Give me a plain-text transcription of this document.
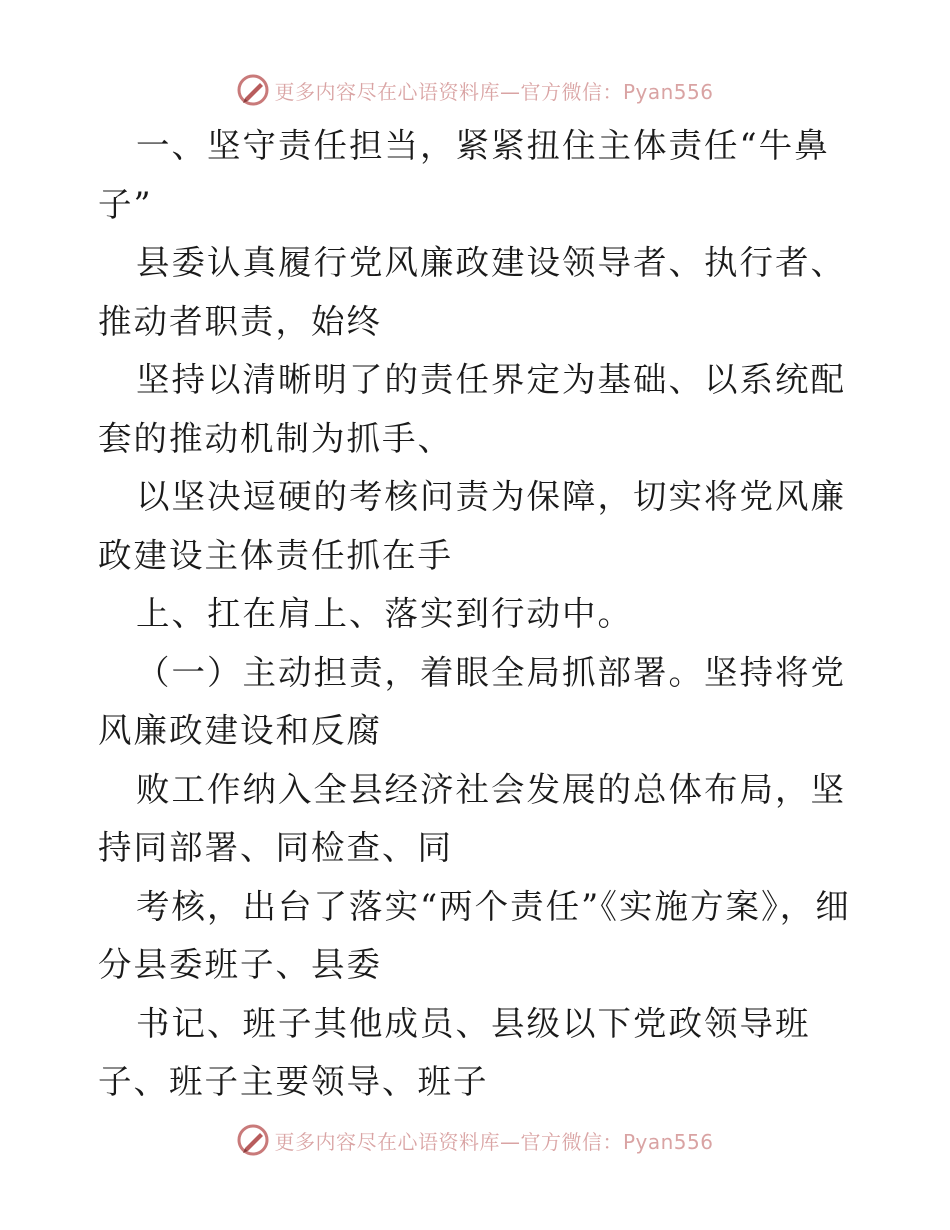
更多内容尽在心语资料库—官方微信：Pyan556

一、坚守责任担当，紧紧扭住主体责任“牛鼻子”

县委认真履行党风廉政建设领导者、执行者、推动者职责，始终

坚持以清晰明了的责任界定为基础、以系统配套的推动机制为抓手、

以坚决逗硬的考核问责为保障，切实将党风廉政建设主体责任抓在手

上、扛在肩上、落实到行动中。

（一）主动担责，着眼全局抓部署。坚持将党风廉政建设和反腐

败工作纳入全县经济社会发展的总体布局，坚持同部署、同检查、同

考核，出台了落实“两个责任”《实施方案》，细分县委班子、县委

书记、班子其他成员、县级以下党政领导班子、班子主要领导、班子

更多内容尽在心语资料库—官方微信：Pyan556
